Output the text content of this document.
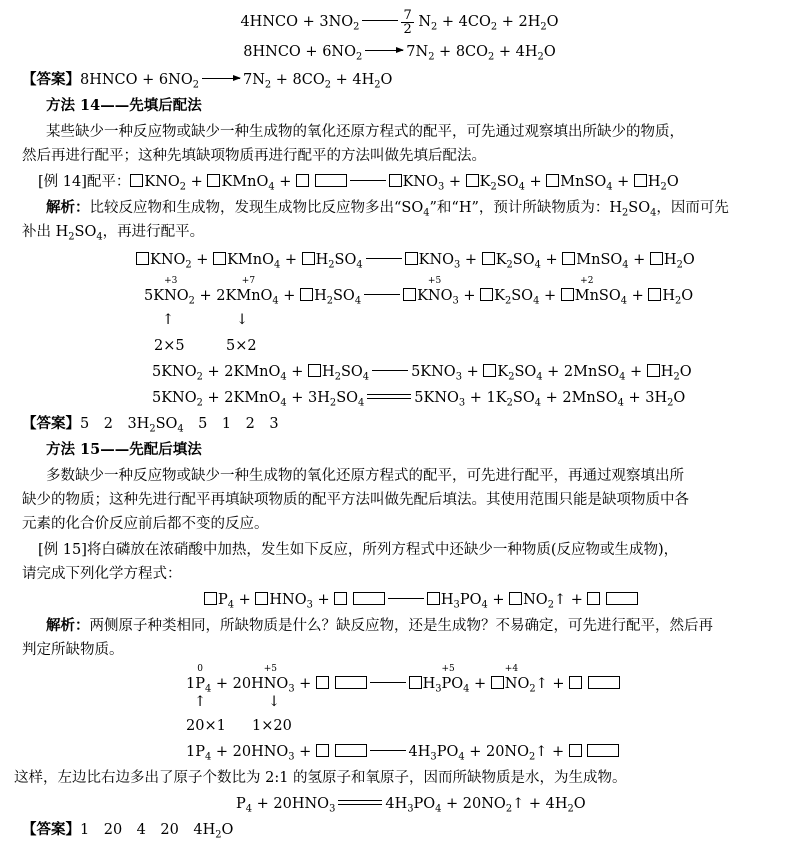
4HNCO + $3NO_2$	$\frac{7}{2} N_2 + 4CO_2 + 2H_2O$
8HNCO + $6NO_2$	$7N_2 + 8CO_2 + 4H_2O$
【答案】8HNCO + $6NO_2$	$7N_2 + 8CO_2 + 4H_2O$
方法 14——先填后配法
某些缺少一种反应物或缺少一种生成物的氧化还原方程式的配平，可先通过观察填出所缺少的物质，
然后再进行配平；这种先填缺项物质再进行配平的方法叫做先填后配法。
[例 14]配平： $KNO_2$ + KMnO$_4$ +	$KNO_3 + K_2SO_4$ + MnSO$_4$ + $H_2O$
解析：比较反应物和生成物，发现生成物比反应物多出“$SO_4$”和“H”，预计所缺物质为：$H_2SO_4$，因而可先
补出 $H_2SO_4$，再进行配平。
$KNO_2$ + KMnO$_4$ + $H_2SO_4$	$KNO_3 + K_2SO_4$ + MnSO$_4$ + $H_2O$
5KN
+3
$O_2 + 2KMn$
+7
$O_4 + H_2SO_4$	KN
+5
$O_3 + K_2SO_4 + Mn$
+2
$SO_4 + H_2O$
↑	↓
2×5	5×2
$5KNO_2$ + 2KMnO$_4$ + $H_2SO_4$	$5KNO_3 + K_2SO_4$ + 2MnSO$_4$ + $H_2O$
$5KNO_2$ + 2KMnO$_4$ + $3H_2SO_4$	$5KNO_3 + 1K_2SO_4$ + 2MnSO$_4$ + $3H_2O$
【答案】5　2　$3H_2SO_4$　5　1　2　3
方法 15——先配后填法
多数缺少一种反应物或缺少一种生成物的氧化还原方程式的配平，可先进行配平，再通过观察填出所
缺少的物质；这种先进行配平再填缺项物质的配平方法叫做先配后填法。其使用范围只能是缺项物质中各
元素的化合价反应前后都不变的反应。
[例 15]将白磷放在浓硝酸中加热，发生如下反应，所列方程式中还缺少一种物质(反应物或生成物)，
请完成下列化学方程式：
$P_4 + HNO_3$ +	$H_3PO_4$ + $NO_2↑$ +
解析：两侧原子种类相同，所缺物质是什么？缺反应物，还是生成物？不易确定，可先进行配平，然后再
判定所缺物质。
1P
0
$_4$ + 20HN
+5
$O_3$ +	$H_3P$
+5
$O_4 + N$
+4
$O_2↑$ +
↑	↓
20×1 1×20
$1P_4 + 20HNO_3$ +	$4H_3PO_4$ + $20NO_2↑$ +
这样，左边比右边多出了原子个数比为 2:1 的氢原子和氧原子，因而所缺物质是水，为生成物。
$P_4 + 20HNO_3$	$4H_3PO_4$ + $20NO_2↑ + 4H_2O$
【答案】1　20　4　20　$4H_2O$
